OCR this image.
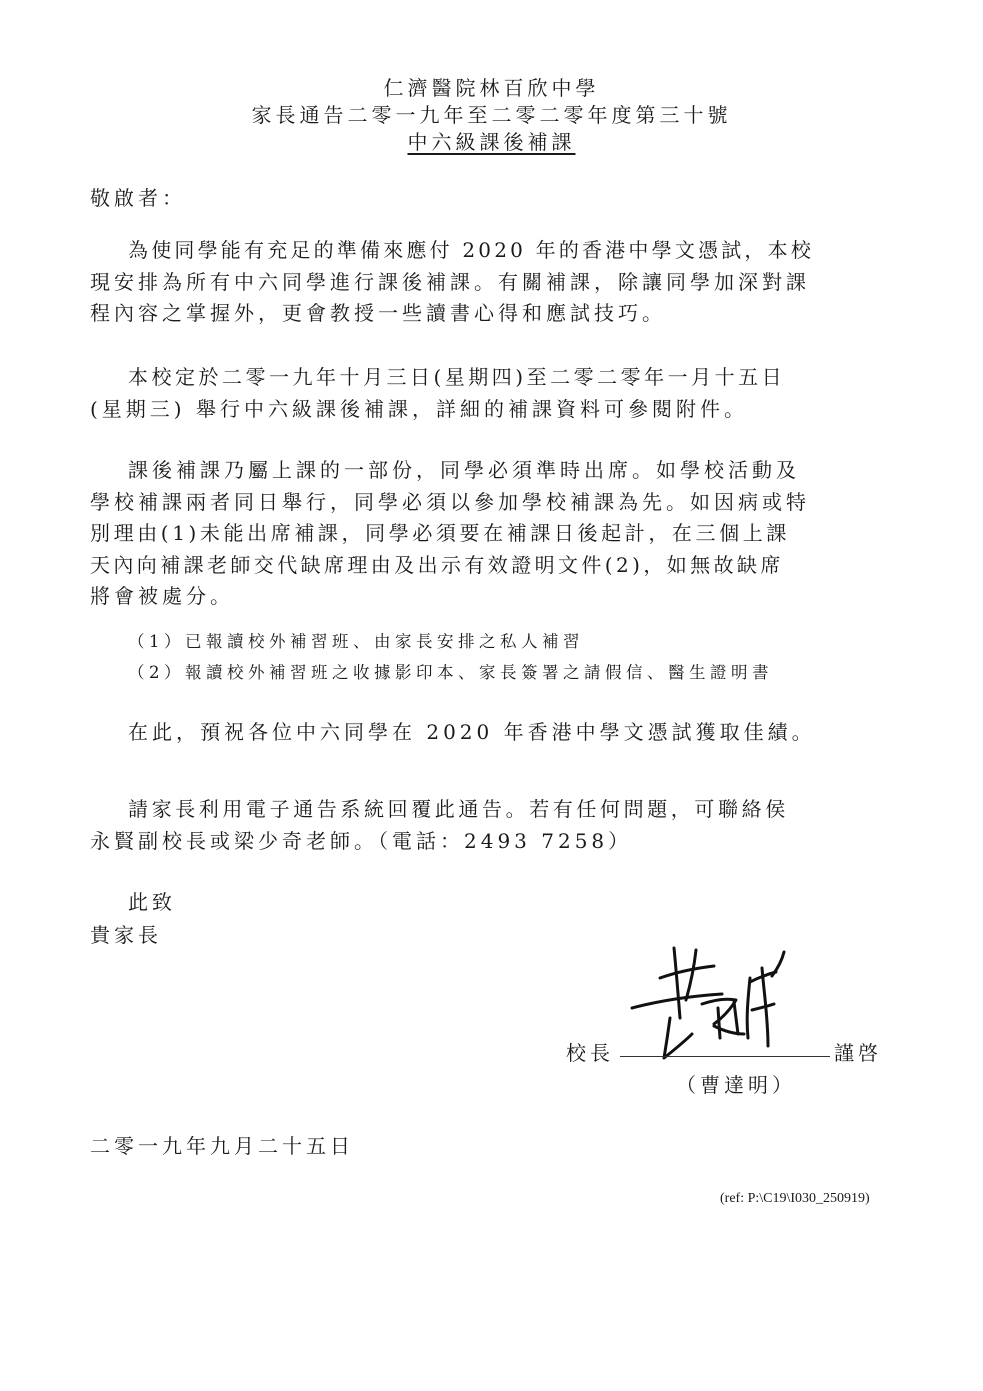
仁濟醫院林百欣中學
家長通告二零一九年至二零二零年度第三十號
中六級課後補課
敬啟者：
為使同學能有充足的準備來應付 2020 年的香港中學文憑試，本校
現安排為所有中六同學進行課後補課。有關補課，除讓同學加深對課
程內容之掌握外，更會教授一些讀書心得和應試技巧。
本校定於二零一九年十月三日(星期四)至二零二零年一月十五日
(星期三) 舉行中六級課後補課，詳細的補課資料可參閱附件。
課後補課乃屬上課的一部份，同學必須準時出席。如學校活動及
學校補課兩者同日舉行，同學必須以參加學校補課為先。如因病或特
別理由(1)未能出席補課，同學必須要在補課日後起計，在三個上課
天內向補課老師交代缺席理由及出示有效證明文件(2)，如無故缺席
將會被處分。
（1）已報讀校外補習班、由家長安排之私人補習
（2）報讀校外補習班之收據影印本、家長簽署之請假信、醫生證明書
在此，預祝各位中六同學在 2020 年香港中學文憑試獲取佳績。
請家長利用電子通告系統回覆此通告。若有任何問題，可聯絡侯
永賢副校長或梁少奇老師。（電話：2493 7258）
此致
貴家長
校長	謹啓
（曹達明）
二零一九年九月二十五日
(ref: P:\C19\I030_250919)
